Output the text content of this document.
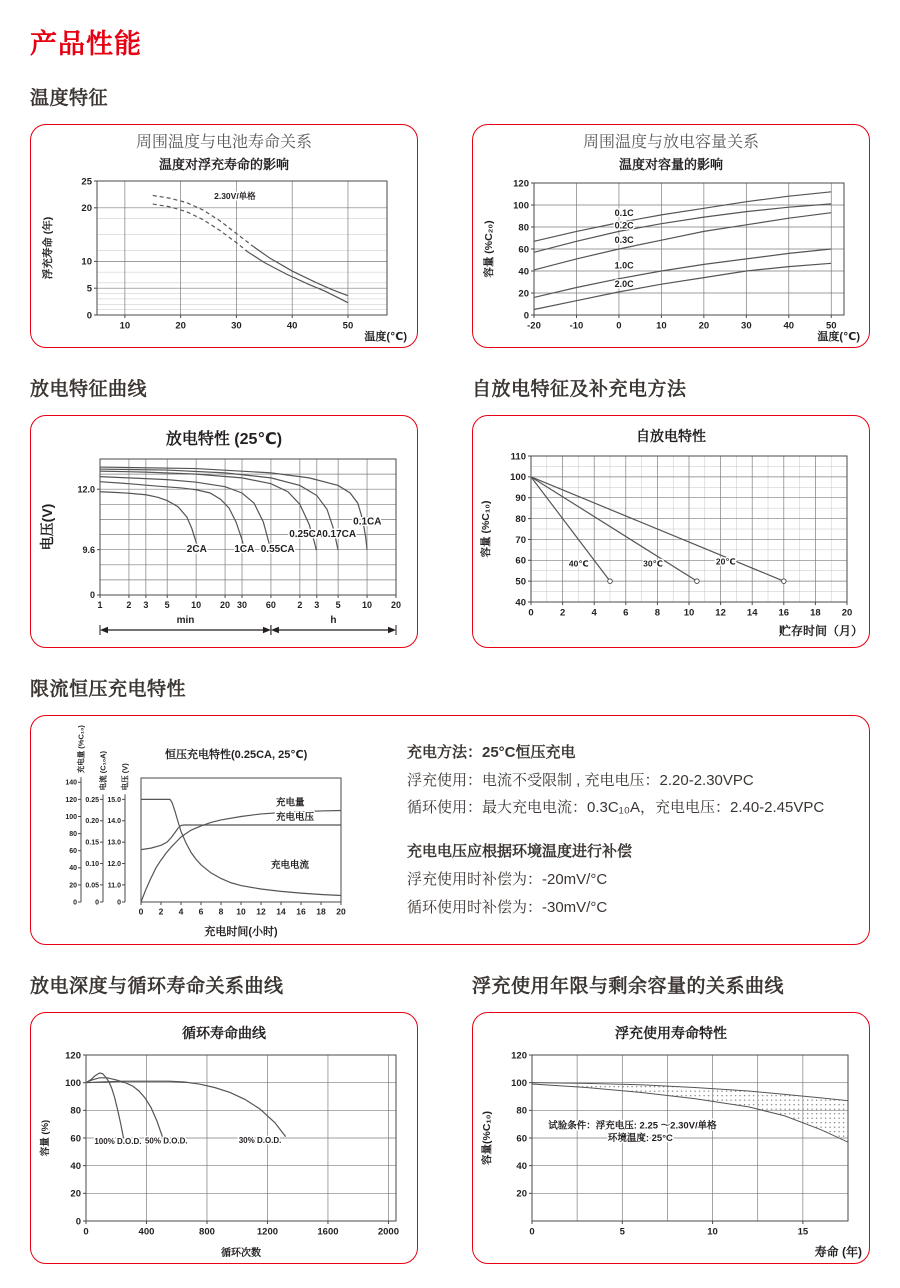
产品性能
温度特征
周围温度与电池寿命关系
温度对浮充寿命的影响
10	20	30	40	50
0
5
10
20
25
2.30V/单格
温度(℃)
浮充寿命 (年)
周围温度与放电容量关系
温度对容量的影响
-20	-10	0	10	20	30	40	50
0
20
40
60
80
100
120
0.1C
0.2C
0.3C
1.0C
2.0C
温度(℃)
容量 (%C₂₀)
放电特征曲线	自放电特征及补充电方法
放电特性 (25℃)
1	2 3 5 10 20 30 60 2 3 5 10 20
0
9.6
12.0
2CA	1CA 0.55CA
0.25CA 0.17CA
0.1CA
电压(V)
min	h
自放电特性
0	2	4	6	8 10 12 14 16 18 20
40
50
60
70
80
90
100
110
40℃	30℃	20℃
贮存时间（月）
容量 (%C₁₀)
限流恒压充电特性
0 2 4 6 8 10 12 14 16 18 20
0
20
40
60
80
100
120
140
充电量 (%C₁₀)
0
0.05
0.10
0.15
0.20
0.25
电流 (C₁₀A)
0
11.0
12.0
13.0
14.0
15.0
电压 (V)
充电量
充电电压
充电电流
充电时间(小时)
恒压充电特性(0.25CA, 25℃)	充电方法：25°C恒压充电
浮充使用：电流不受限制 , 充电电压：2.20-2.30VPC
循环使用：最大充电电流：0.3C₁₀A，充电电压：2.40-2.45VPC
充电电压应根据环境温度进行补偿
浮充使用时补偿为：-20mV/°C
循环使用时补偿为：-30mV/°C
放电深度与循环寿命关系曲线	浮充使用年限与剩余容量的关系曲线
循环寿命曲线
0	400	800	1200	1600	2000
0
20
40
60
80
100
120
100% D.O.D. 50% D.O.D.	30% D.O.D.
循环次数
容量 (%)
浮充使用寿命特性
0	5	10	15
20
40
60
80
100
120
试验条件：浮充电压: 2.25 ～2.30V/单格
环境温度: 25°C
寿命 (年)
容量(%C₁₀)
